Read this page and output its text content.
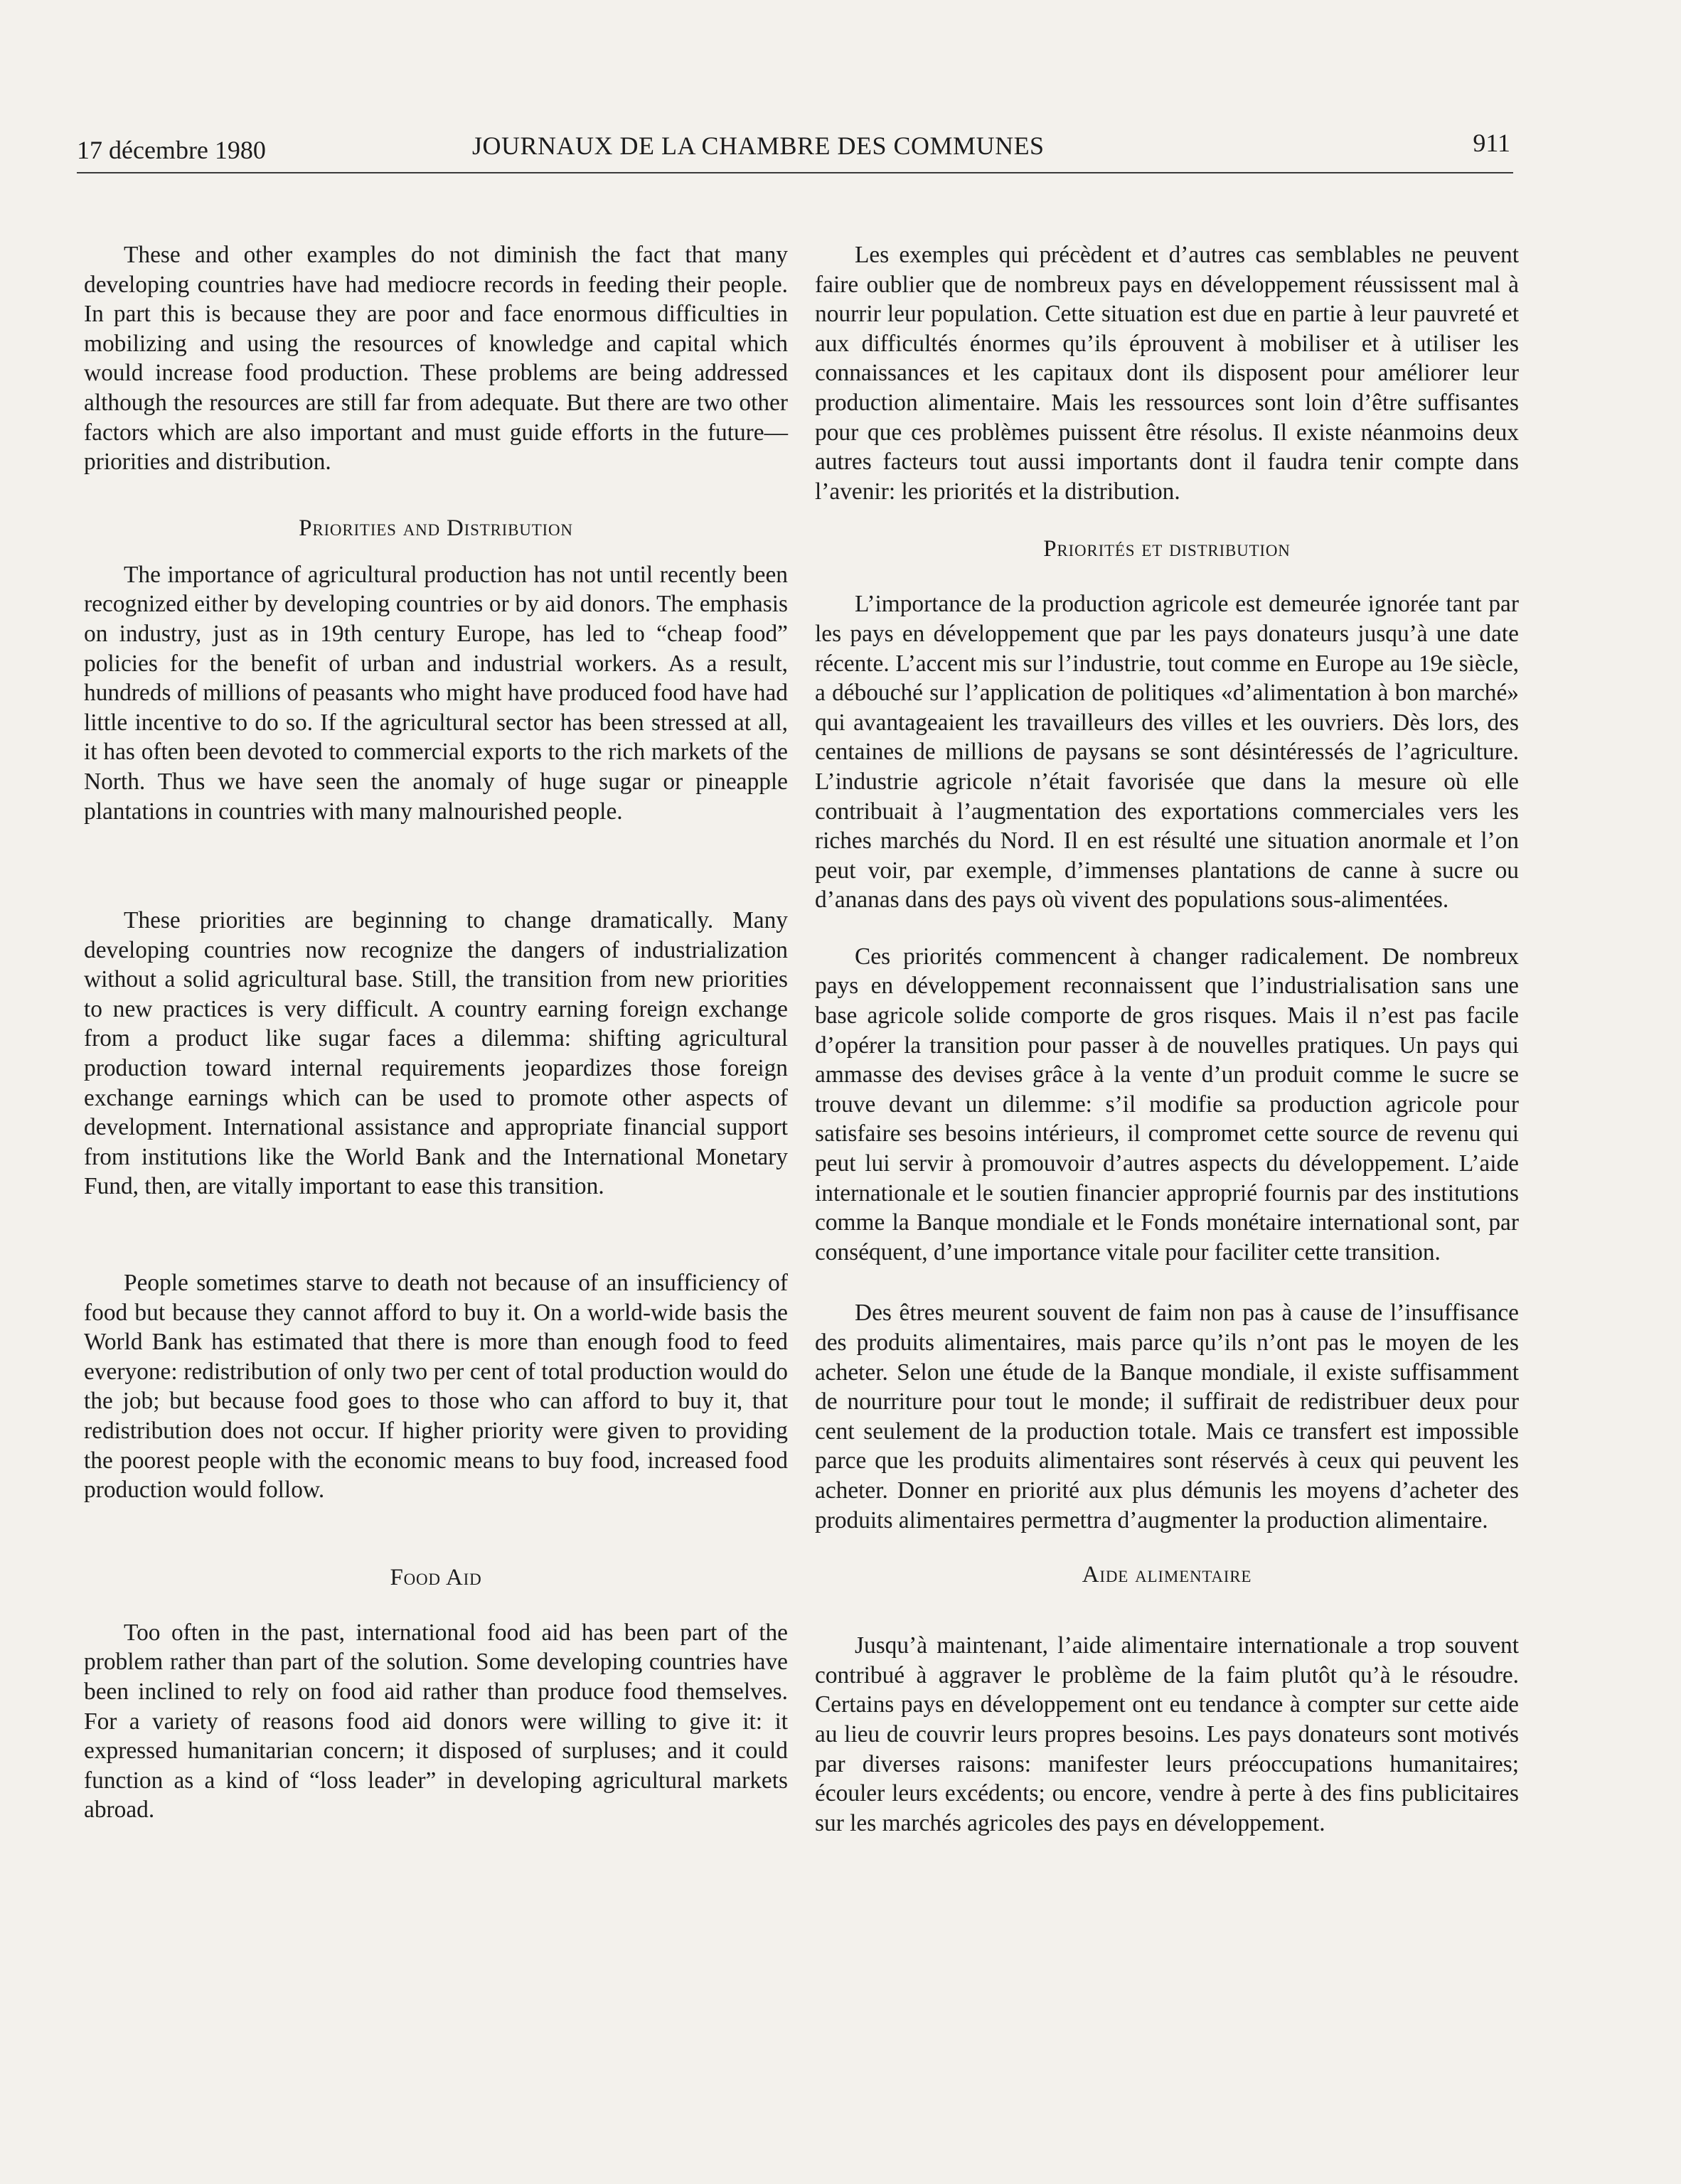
17 décembre 1980	JOURNAUX DE LA CHAMBRE DES COMMUNES	911

These and other examples do not diminish the fact that many developing countries have had mediocre records in feeding their people. In part this is because they are poor and face enormous difficulties in mobilizing and using the resources of knowledge and capital which would increase food production. These problems are being addressed although the resources are still far from adequate. But there are two other factors which are also important and must guide efforts in the future—priorities and distribution.

Priorities and Distribution

The importance of agricultural production has not until recently been recognized either by developing countries or by aid donors. The emphasis on industry, just as in 19th century Europe, has led to “cheap food” policies for the benefit of urban and industrial workers. As a result, hundreds of millions of peasants who might have produced food have had little incentive to do so. If the agricultural sector has been stressed at all, it has often been devoted to commercial exports to the rich markets of the North. Thus we have seen the anomaly of huge sugar or pineapple plantations in countries with many malnourished people.

These priorities are beginning to change dramatically. Many developing countries now recognize the dangers of industrialization without a solid agricultural base. Still, the transition from new priorities to new practices is very difficult. A country earning foreign exchange from a product like sugar faces a dilemma: shifting agricultural production toward internal requirements jeopardizes those foreign exchange earnings which can be used to promote other aspects of development. International assistance and appropriate financial support from institutions like the World Bank and the International Monetary Fund, then, are vitally important to ease this transition.

People sometimes starve to death not because of an insufficiency of food but because they cannot afford to buy it. On a world-wide basis the World Bank has estimated that there is more than enough food to feed everyone: redistribution of only two per cent of total production would do the job; but because food goes to those who can afford to buy it, that redistribution does not occur. If higher priority were given to providing the poorest people with the economic means to buy food, increased food production would follow.

Food Aid

Too often in the past, international food aid has been part of the problem rather than part of the solution. Some developing countries have been inclined to rely on food aid rather than produce food themselves. For a variety of reasons food aid donors were willing to give it: it expressed humanitarian concern; it disposed of surpluses; and it could function as a kind of “loss leader” in developing agricultural markets abroad.

Les exemples qui précèdent et d’autres cas semblables ne peuvent faire oublier que de nombreux pays en développement réussissent mal à nourrir leur population. Cette situation est due en partie à leur pauvreté et aux difficultés énormes qu’ils éprouvent à mobiliser et à utiliser les connaissances et les capitaux dont ils disposent pour améliorer leur production alimentaire. Mais les ressources sont loin d’être suffisantes pour que ces problèmes puissent être résolus. Il existe néanmoins deux autres facteurs tout aussi importants dont il faudra tenir compte dans l’avenir: les priorités et la distribution.

Priorités et distribution

L’importance de la production agricole est demeurée ignorée tant par les pays en développement que par les pays donateurs jusqu’à une date récente. L’accent mis sur l’industrie, tout comme en Europe au 19e siècle, a débouché sur l’application de politiques «d’alimentation à bon marché» qui avantageaient les travailleurs des villes et les ouvriers. Dès lors, des centaines de millions de paysans se sont désintéressés de l’agriculture. L’industrie agricole n’était favorisée que dans la mesure où elle contribuait à l’augmentation des exportations commerciales vers les riches marchés du Nord. Il en est résulté une situation anormale et l’on peut voir, par exemple, d’immenses plantations de canne à sucre ou d’ananas dans des pays où vivent des populations sous-alimentées.

Ces priorités commencent à changer radicalement. De nombreux pays en développement reconnaissent que l’industrialisation sans une base agricole solide comporte de gros risques. Mais il n’est pas facile d’opérer la transition pour passer à de nouvelles pratiques. Un pays qui ammasse des devises grâce à la vente d’un produit comme le sucre se trouve devant un dilemme: s’il modifie sa production agricole pour satisfaire ses besoins intérieurs, il compromet cette source de revenu qui peut lui servir à promouvoir d’autres aspects du développement. L’aide internationale et le soutien financier approprié fournis par des institutions comme la Banque mondiale et le Fonds monétaire international sont, par conséquent, d’une importance vitale pour faciliter cette transition.

Des êtres meurent souvent de faim non pas à cause de l’insuffisance des produits alimentaires, mais parce qu’ils n’ont pas le moyen de les acheter. Selon une étude de la Banque mondiale, il existe suffisamment de nourriture pour tout le monde; il suffirait de redistribuer deux pour cent seulement de la production totale. Mais ce transfert est impossible parce que les produits alimentaires sont réservés à ceux qui peuvent les acheter. Donner en priorité aux plus démunis les moyens d’acheter des produits alimentaires permettra d’augmenter la production alimentaire.

Aide alimentaire

Jusqu’à maintenant, l’aide alimentaire internationale a trop souvent contribué à aggraver le problème de la faim plutôt qu’à le résoudre. Certains pays en développement ont eu tendance à compter sur cette aide au lieu de couvrir leurs propres besoins. Les pays donateurs sont motivés par diverses raisons: manifester leurs préoccupations humanitaires; écouler leurs excédents; ou encore, vendre à perte à des fins publicitaires sur les marchés agricoles des pays en développement.
